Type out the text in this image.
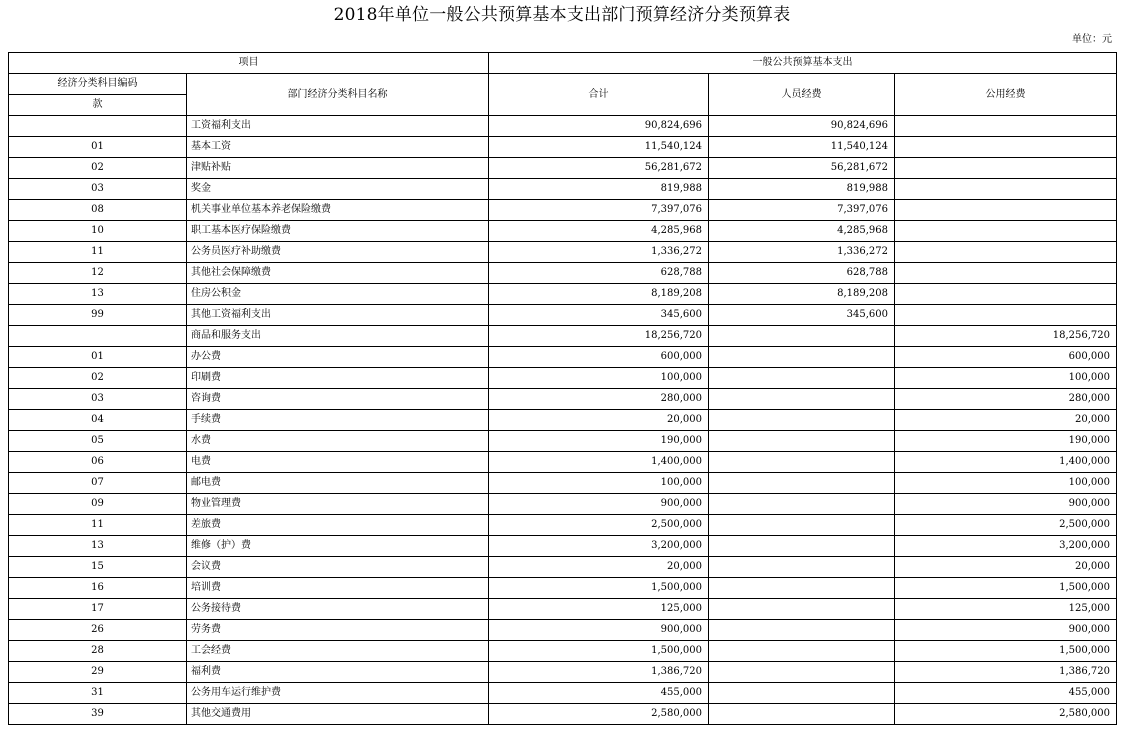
2018年单位一般公共预算基本支出部门预算经济分类预算表
单位：元
项目		一般公共预算基本支出		
经济分类科目编码	部门经济分类科目名称	合计	人员经费	公用经费
款				
	工资福利支出	90,824,696	90,824,696	
01	基本工资	11,540,124	11,540,124	
02	津贴补贴	56,281,672	56,281,672	
03	奖金	819,988	819,988	
08	机关事业单位基本养老保险缴费	7,397,076	7,397,076	
10	职工基本医疗保险缴费	4,285,968	4,285,968	
11	公务员医疗补助缴费	1,336,272	1,336,272	
12	其他社会保障缴费	628,788	628,788	
13	住房公积金	8,189,208	8,189,208	
99	其他工资福利支出	345,600	345,600	
	商品和服务支出	18,256,720		18,256,720
01	办公费	600,000		600,000
02	印刷费	100,000		100,000
03	咨询费	280,000		280,000
04	手续费	20,000		20,000
05	水费	190,000		190,000
06	电费	1,400,000		1,400,000
07	邮电费	100,000		100,000
09	物业管理费	900,000		900,000
11	差旅费	2,500,000		2,500,000
13	维修（护）费	3,200,000		3,200,000
15	会议费	20,000		20,000
16	培训费	1,500,000		1,500,000
17	公务接待费	125,000		125,000
26	劳务费	900,000		900,000
28	工会经费	1,500,000		1,500,000
29	福利费	1,386,720		1,386,720
31	公务用车运行维护费	455,000		455,000
39	其他交通费用	2,580,000		2,580,000
